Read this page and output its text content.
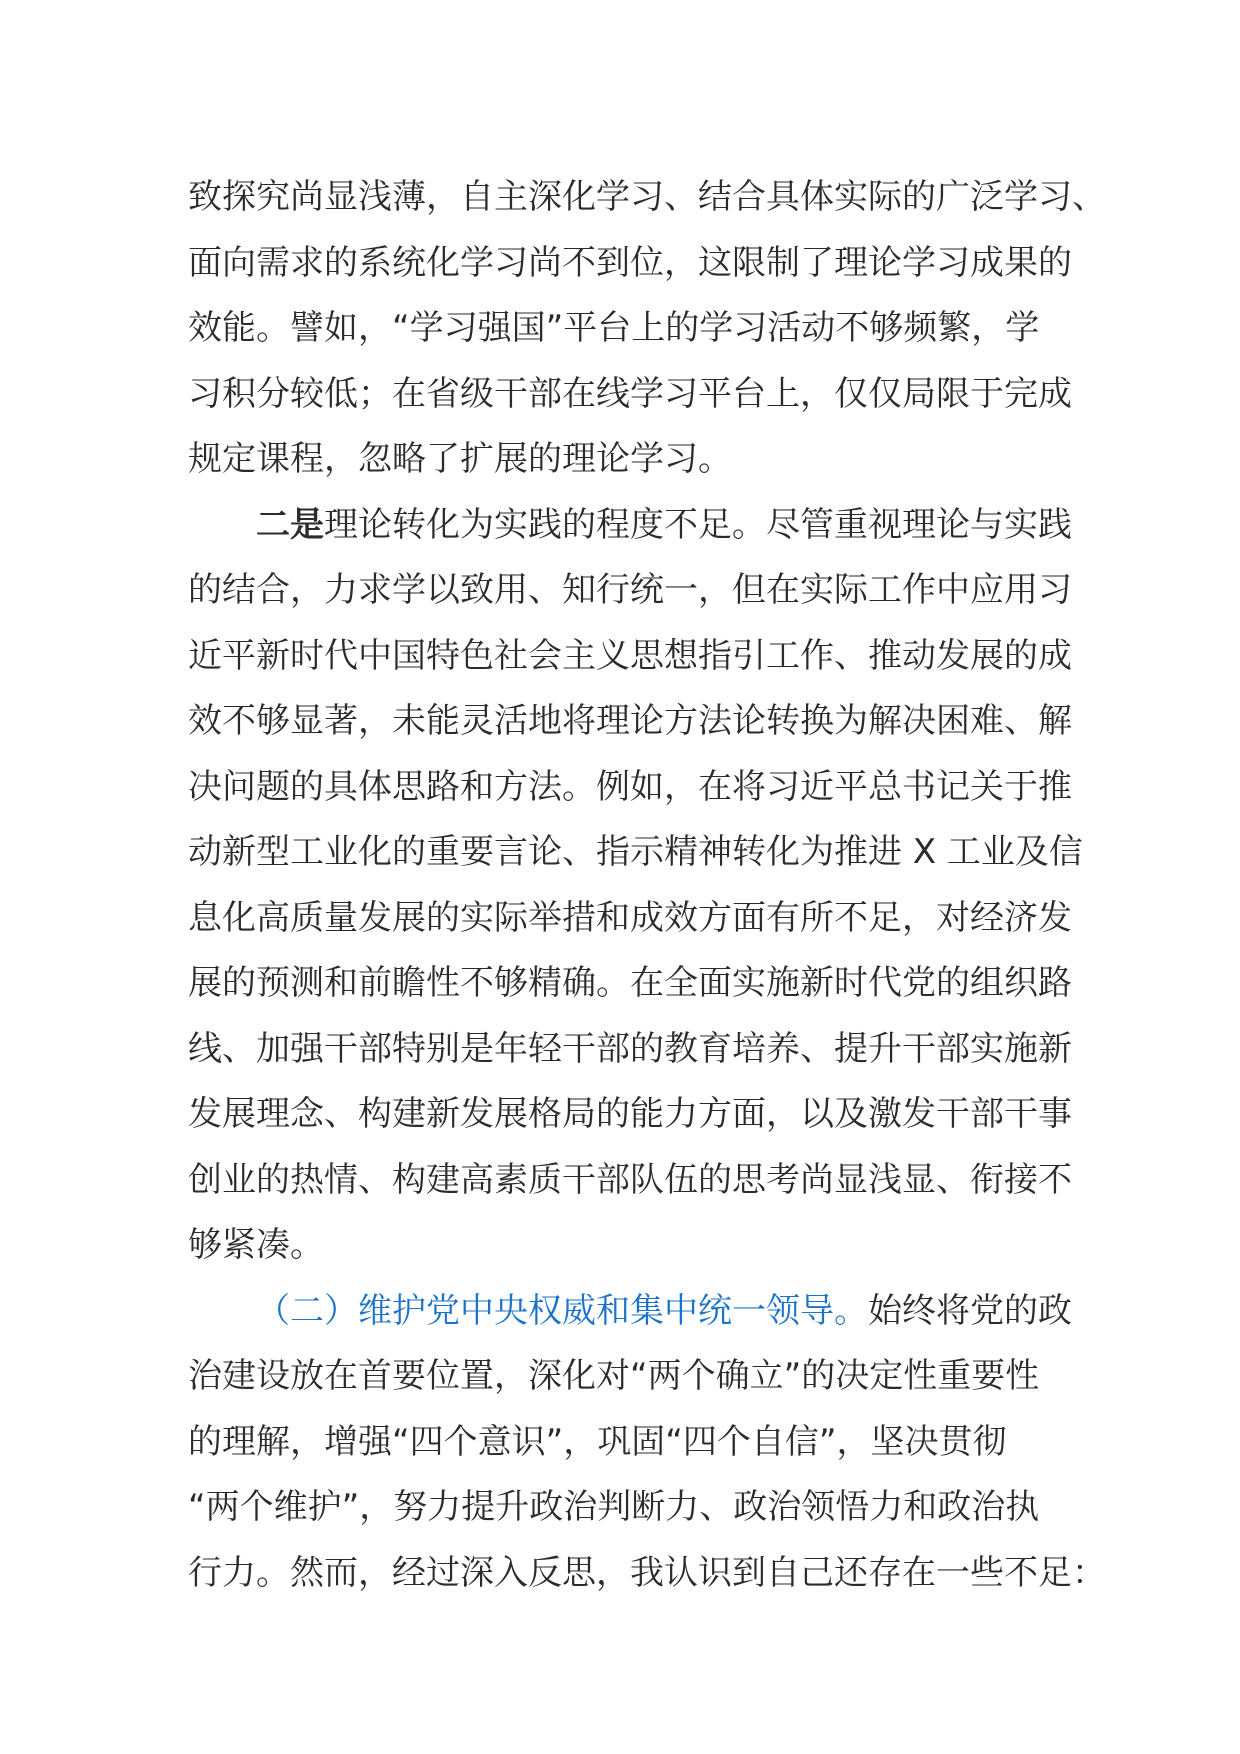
致探究尚显浅薄，自主深化学习、结合具体实际的广泛学习、
面向需求的系统化学习尚不到位，这限制了理论学习成果的
效能。譬如，“学习强国”平台上的学习活动不够频繁，学
习积分较低；在省级干部在线学习平台上，仅仅局限于完成
规定课程，忽略了扩展的理论学习。
二是理论转化为实践的程度不足。尽管重视理论与实践
的结合，力求学以致用、知行统一，但在实际工作中应用习
近平新时代中国特色社会主义思想指引工作、推动发展的成
效不够显著，未能灵活地将理论方法论转换为解决困难、解
决问题的具体思路和方法。例如，在将习近平总书记关于推
动新型工业化的重要言论、指示精神转化为推进 X 工业及信
息化高质量发展的实际举措和成效方面有所不足，对经济发
展的预测和前瞻性不够精确。在全面实施新时代党的组织路
线、加强干部特别是年轻干部的教育培养、提升干部实施新
发展理念、构建新发展格局的能力方面，以及激发干部干事
创业的热情、构建高素质干部队伍的思考尚显浅显、衔接不
够紧凑。
（二）维护党中央权威和集中统一领导。始终将党的政
治建设放在首要位置，深化对“两个确立”的决定性重要性
的理解，增强“四个意识”，巩固“四个自信”，坚决贯彻
“两个维护”，努力提升政治判断力、政治领悟力和政治执
行力。然而，经过深入反思，我认识到自己还存在一些不足：
